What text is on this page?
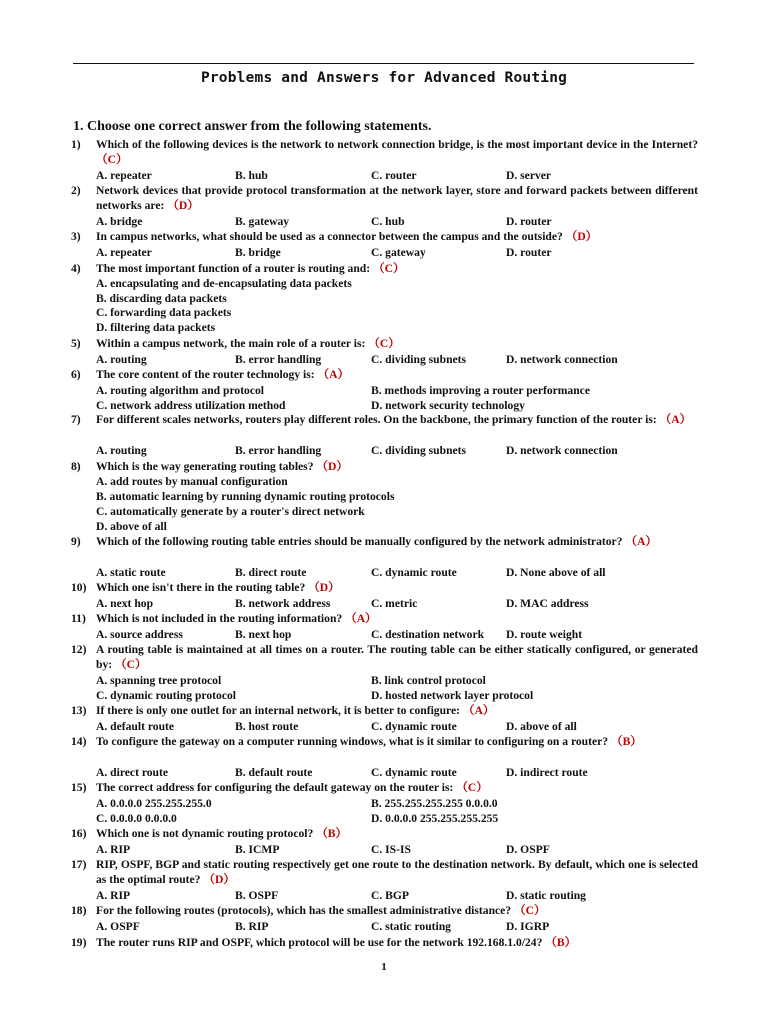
Problems and Answers for Advanced Routing
1. Choose one correct answer from the following statements.
1) Which of the following devices is the network to network connection bridge, is the most important device in the Internet? （C）
A. repeater	B. hub	C. router	D. server
2) Network devices that provide protocol transformation at the network layer, store and forward packets between different networks are: （D）
A. bridge	B. gateway	C. hub	D. router
3) In campus networks, what should be used as a connector between the campus and the outside? （D）
A. repeater	B. bridge	C. gateway	D. router
4) The most important function of a router is routing and: （C）
A. encapsulating and de-encapsulating data packets
B. discarding data packets
C. forwarding data packets
D. filtering data packets
5) Within a campus network, the main role of a router is: （C）
A. routing	B. error handling	C. dividing subnets	D. network connection
6) The core content of the router technology is: （A）
A. routing algorithm and protocol	B. methods improving a router performance
C. network address utilization method	D. network security technology
7) For different scales networks, routers play different roles. On the backbone, the primary function of the router is: （A）
A. routing	B. error handling	C. dividing subnets	D. network connection
8) Which is the way generating routing tables? （D）
A. add routes by manual configuration
B. automatic learning by running dynamic routing protocols
C. automatically generate by a router's direct network
D. above of all
9) Which of the following routing table entries should be manually configured by the network administrator? （A）
A. static route	B. direct route	C. dynamic route	D. None above of all
10) Which one isn't there in the routing table? （D）
A. next hop	B. network address	C. metric	D. MAC address
11) Which is not included in the routing information? （A）
A. source address	B. next hop	C. destination network D. route weight
12) A routing table is maintained at all times on a router. The routing table can be either statically configured, or generated by: （C）
A. spanning tree protocol	B. link control protocol
C. dynamic routing protocol	D. hosted network layer protocol
13) If there is only one outlet for an internal network, it is better to configure: （A）
A. default route	B. host route	C. dynamic route	D. above of all
14) To configure the gateway on a computer running windows, what is it similar to configuring on a router? （B）
A. direct route	B. default route	C. dynamic route	D. indirect route
15) The correct address for configuring the default gateway on the router is: （C）
A. 0.0.0.0 255.255.255.0	B. 255.255.255.255 0.0.0.0
C. 0.0.0.0 0.0.0.0	D. 0.0.0.0 255.255.255.255
16) Which one is not dynamic routing protocol? （B）
A. RIP	B. ICMP	C. IS-IS	D. OSPF
17) RIP, OSPF, BGP and static routing respectively get one route to the destination network. By default, which one is selected as the optimal route? （D）
A. RIP	B. OSPF	C. BGP	D. static routing
18) For the following routes (protocols), which has the smallest administrative distance? （C）
A. OSPF	B. RIP	C. static routing	D. IGRP
19) The router runs RIP and OSPF, which protocol will be use for the network 192.168.1.0/24? （B）
1
